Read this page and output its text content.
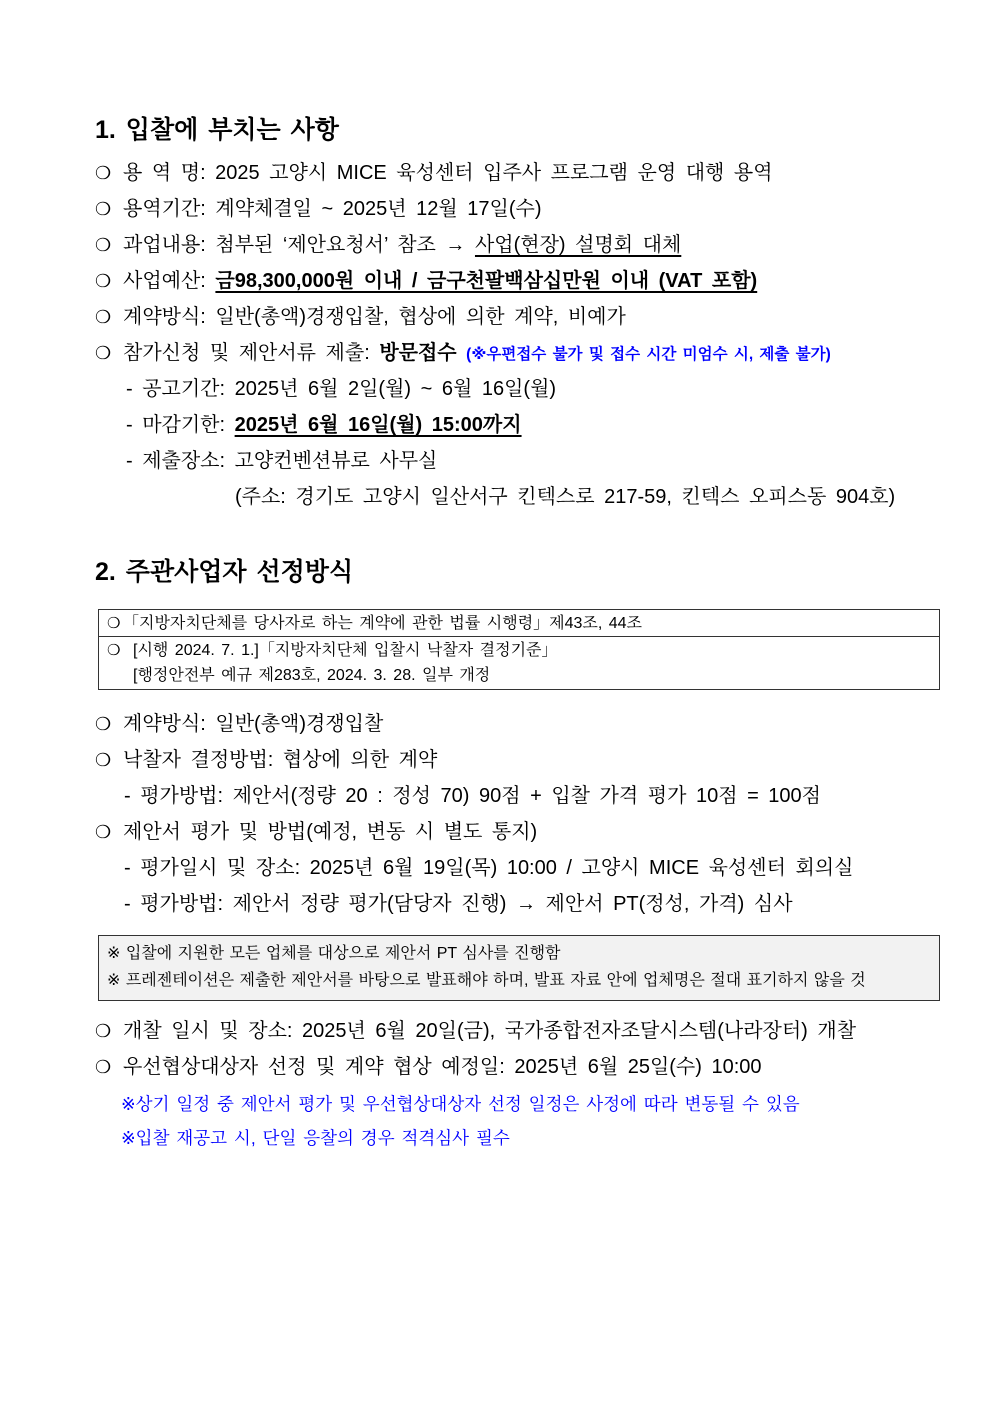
1. 입찰에 부치는 사항
❍ 용 역 명: 2025 고양시 MICE 육성센터 입주사 프로그램 운영 대행 용역
❍ 용역기간: 계약체결일 ~ 2025년 12월 17일(수)
❍ 과업내용: 첨부된 ‘제안요청서’ 참조 → 사업(현장) 설명회 대체
❍ 사업예산: 금98,300,000원 이내 / 금구천팔백삼십만원 이내 (VAT 포함)
❍ 계약방식: 일반(총액)경쟁입찰, 협상에 의한 계약, 비예가
❍ 참가신청 및 제안서류 제출: 방문접수 (※우편접수 불가 및 접수 시간 미엄수 시, 제출 불가)
- 공고기간: 2025년 6월 2일(월) ~ 6월 16일(월)
- 마감기한: 2025년 6월 16일(월) 15:00까지
- 제출장소: 고양컨벤션뷰로 사무실
(주소: 경기도 고양시 일산서구 킨텍스로 217-59, 킨텍스 오피스동 904호)
2. 주관사업자 선정방식
❍ 「지방자치단체를 당사자로 하는 계약에 관한 법률 시행령」제43조, 44조
❍ [시행 2024. 7. 1.]「지방자치단체 입찰시 낙찰자 결정기준」
[행정안전부 예규 제283호, 2024. 3. 28. 일부 개정
❍ 계약방식: 일반(총액)경쟁입찰
❍ 낙찰자 결정방법: 협상에 의한 계약
- 평가방법: 제안서(정량 20 : 정성 70) 90점 + 입찰 가격 평가 10점 = 100점
❍ 제안서 평가 및 방법(예정, 변동 시 별도 통지)
- 평가일시 및 장소: 2025년 6월 19일(목) 10:00 / 고양시 MICE 육성센터 회의실
- 평가방법: 제안서 정량 평가(담당자 진행) → 제안서 PT(정성, 가격) 심사
※ 입찰에 지원한 모든 업체를 대상으로 제안서 PT 심사를 진행함
※ 프레젠테이션은 제출한 제안서를 바탕으로 발표해야 하며, 발표 자료 안에 업체명은 절대 표기하지 않을 것
❍ 개찰 일시 및 장소: 2025년 6월 20일(금), 국가종합전자조달시스템(나라장터) 개찰
❍ 우선협상대상자 선정 및 계약 협상 예정일: 2025년 6월 25일(수) 10:00
※상기 일정 중 제안서 평가 및 우선협상대상자 선정 일정은 사정에 따라 변동될 수 있음
※입찰 재공고 시, 단일 응찰의 경우 적격심사 필수
